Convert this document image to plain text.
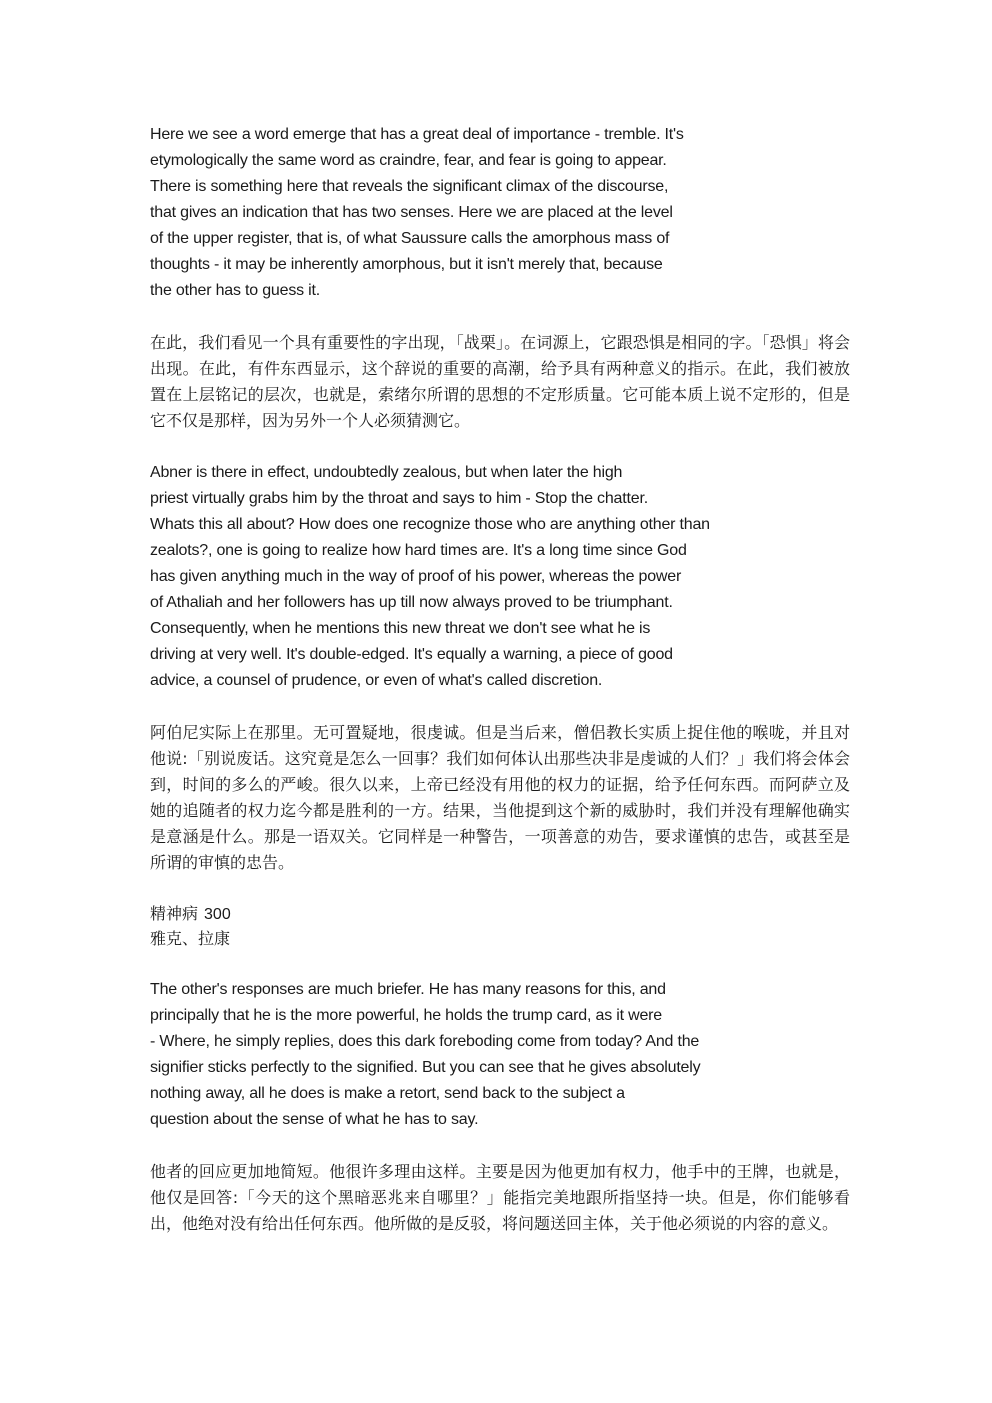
Here we see a word emerge that has a great deal of importance - tremble. It's
etymologically the same word as craindre, fear, and fear is going to appear.
There is something here that reveals the significant climax of the discourse,
that gives an indication that has two senses. Here we are placed at the level
of the upper register, that is, of what Saussure calls the amorphous mass of
thoughts - it may be inherently amorphous, but it isn't merely that, because
the other has to guess it.

在此，我们看见一个具有重要性的字出现，「战栗」。在词源上，它跟恐惧是相同的字。「恐惧」将会出现。在此，有件东西显示，这个辞说的重要的高潮，给予具有两种意义的指示。在此，我们被放置在上层铭记的层次，也就是，索绪尔所谓的思想的不定形质量。它可能本质上说不定形的，但是它不仅是那样，因为另外一个人必须猜测它。

Abner is there in effect, undoubtedly zealous, but when later the high
priest virtually grabs him by the throat and says to him - Stop the chatter.
Whats this all about? How does one recognize those who are anything other than
zealots?, one is going to realize how hard times are. It's a long time since God
has given anything much in the way of proof of his power, whereas the power
of Athaliah and her followers has up till now always proved to be triumphant.
Consequently, when he mentions this new threat we don't see what he is
driving at very well. It's double-edged. It's equally a warning, a piece of good
advice, a counsel of prudence, or even of what's called discretion.

阿伯尼实际上在那里。无可置疑地，很虔诚。但是当后来，僧侣教长实质上捉住他的喉咙，并且对他说:「别说废话。这究竟是怎么一回事？我们如何体认出那些决非是虔诚的人们？」我们将会体会到，时间的多么的严峻。很久以来，上帝已经没有用他的权力的证据，给予任何东西。而阿萨立及她的追随者的权力迄今都是胜利的一方。结果，当他提到这个新的威胁时，我们并没有理解他确实是意涵是什么。那是一语双关。它同样是一种警告，一项善意的劝告，要求谨慎的忠告，或甚至是所谓的审慎的忠告。

精神病 300
雅克、拉康

The other's responses are much briefer. He has many reasons for this, and
principally that he is the more powerful, he holds the trump card, as it were
- Where, he simply replies, does this dark foreboding come from today? And the
signifier sticks perfectly to the signified. But you can see that he gives absolutely
nothing away, all he does is make a retort, send back to the subject a
question about the sense of what he has to say.

他者的回应更加地简短。他很许多理由这样。主要是因为他更加有权力，他手中的王牌，也就是，他仅是回答:「今天的这个黑暗恶兆来自哪里？」能指完美地跟所指坚持一块。但是，你们能够看出，他绝对没有给出任何东西。他所做的是反驳，将问题送回主体，关于他必须说的内容的意义。
